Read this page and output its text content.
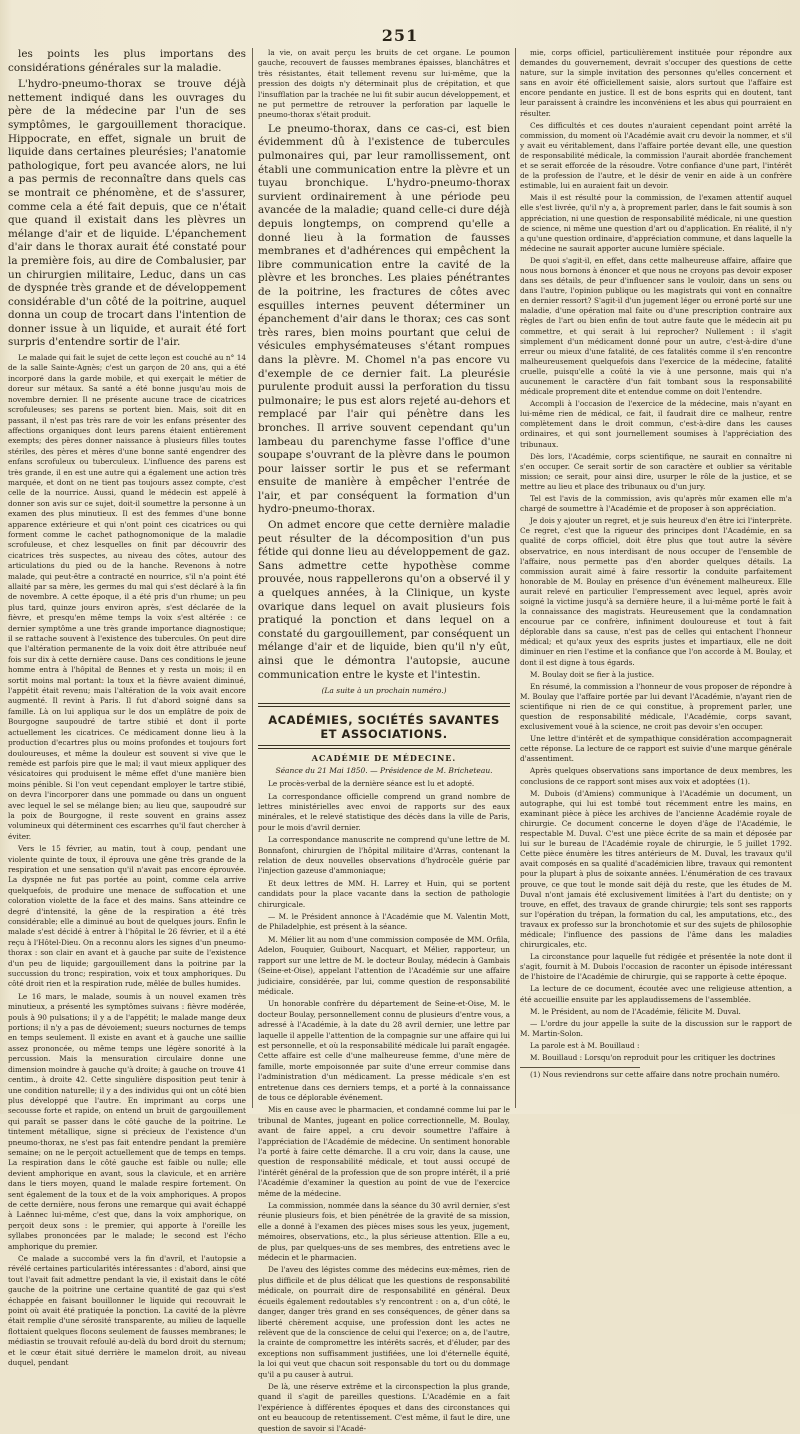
251

les points les plus importans des considérations générales sur la maladie.

L'hydro-pneumo-thorax se trouve déjà nettement indiqué dans les ouvrages du père de la médecine par l'un de ses symptômes, le gargouillement thoracique. Hippocrate, en effet, signale un bruit de liquide dans certaines pleurésies; l'anatomie pathologique, fort peu avancée alors, ne lui a pas permis de reconnaître dans quels cas se montrait ce phénomène, et de s'assurer, comme cela a été fait depuis, que ce n'était que quand il existait dans les plèvres un mélange d'air et de liquide. L'épanchement d'air dans le thorax aurait été constaté pour la première fois, au dire de Combalusier, par un chirurgien militaire, Leduc, dans un cas de dyspnée très grande et de développement considérable d'un côté de la poitrine, auquel donna un coup de trocart dans l'intention de donner issue à un liquide, et aurait été fort surpris d'entendre sortir de l'air.

Le malade qui fait le sujet de cette leçon est couché au n° 14 de la salle Sainte-Agnès; c'est un garçon de 20 ans, qui a été incorporé dans la garde mobile, et qui exerçait le métier de doreur sur métaux. Sa santé a été bonne jusqu'au mois de novembre dernier. Il ne présente aucune trace de cicatrices scrofuleuses; ses parens se portent bien. Mais, soit dit en passant, il n'est pas très rare de voir les enfans présenter des affections organiques dont leurs parens étaient entièrement exempts; des pères donner naissance à plusieurs filles toutes stériles, des pères et mères d'une bonne santé engendrer des enfans scrofuleux ou tuberculeux. L'influence des parens est très grande, il en est une autre qui a également une action très marquée, et dont on ne tient pas toujours assez compte, c'est celle de la nourrice. Aussi, quand le médecin est appelé à donner son avis sur ce sujet, doit-il soumettre la personne à un examen des plus minutieux. Il est des femmes d'une bonne apparence extérieure et qui n'ont point ces cicatrices ou qui forment comme le cachet pathognomonique de la maladie scrofuleuse, et chez lesquelles on finit par découvrir des cicatrices très suspectes, au niveau des côtes, autour des articulations du pied ou de la hanche. Revenons à notre malade, qui peut-être a contracté en nourrice, s'il n'a point été allaité par sa mère, les germes du mal qui s'est déclaré à la fin de novembre. A cette époque, il a été pris d'un rhume; un peu plus tard, quinze jours environ après, s'est déclarée de la fièvre, et presqu'en même temps la voix s'est altérée : ce dernier symptôme a une très grande importance diagnostique; il se rattache souvent à l'existence des tubercules. On peut dire que l'altération permanente de la voix doit être attribuée neuf fois sur dix à cette dernière cause. Dans ces conditions le jeune homme entra à l'hôpital de Bennes et y resta un mois; il en sortit moins mal portant: la toux et la fièvre avaient diminué, l'appétit était revenu; mais l'altération de la voix avait encore augmenté. Il revint à Paris. Il fut d'abord soigné dans sa famille. Là on lui appliqua sur le dos un emplâtre de poix de Bourgogne saupoudré de tartre stibié et dont il porte actuellement les cicatrices. Ce médicament donne lieu à la production d'ecartres plus ou moins profondes et toujours fort douloureuses, et même la douleur est souvent si vive que le remède est parfois pire que le mal; il vaut mieux appliquer des vésicatoires qui produisent le même effet d'une manière bien moins pénible. Si l'on veut cependant employer le tartre stibié, on devra l'incorporer dans une pommade ou dans un onguent avec lequel le sel se mélange bien; au lieu que, saupoudré sur la poix de Bourgogne, il reste souvent en grains assez volumineux qui déterminent ces escarrhes qu'il faut chercher à éviter.

Vers le 15 février, au matin, tout à coup, pendant une violente quinte de toux, il éprouva une gêne très grande de la respiration et une sensation qu'il n'avait pas encore éprouvée. La dyspnée ne fut pas portée au point, comme cela arrive quelquefois, de produire une menace de suffocation et une coloration violette de la face et des mains. Sans atteindre ce degré d'intensité, la gêne de la respiration a été très considérable; elle a diminué au bout de quelques jours. Enfin le malade s'est décidé à entrer à l'hôpital le 26 février, et il a été reçu à l'Hôtel-Dieu. On a reconnu alors les signes d'un pneumo-thorax : son clair en avant et à gauche par suite de l'existence d'un peu de liquide; gargouillement dans la poitrine par la succussion du tronc; respiration, voix et toux amphoriques. Du côté droit rien et la respiration rude, mêlée de bulles humides.

Le 16 mars, le malade, soumis à un nouvel examen très minutieux, a présenté les symptômes suivans : fièvre modérée, pouls à 90 pulsations; il y a de l'appétit; le malade mange deux portions; il n'y a pas de dévoiement; sueurs nocturnes de temps en temps seulement. Il existe en avant et à gauche une saillie assez prononcée, ou même temps une légère sonorité à la percussion. Mais la mensuration circulaire donne une dimension moindre à gauche qu'à droite; à gauche on trouve 41 centim., à droite 42. Cette singulière disposition peut tenir à une condition naturelle; il y a des individus qui ont un côté bien plus développé que l'autre. En imprimant au corps une secousse forte et rapide, on entend un bruit de gargouillement qui paraît se passer dans le côté gauche de la poitrine. Le tintement métallique, signe si précieux de l'existence d'un pneumo-thorax, ne s'est pas fait entendre pendant la première semaine; on ne le perçoit actuellement que de temps en temps. La respiration dans le côté gauche est faible ou nulle; elle devient amphorique en avant, sous la clavicule, et en arrière dans le tiers moyen, quand le malade respire fortement. On sent également de la toux et de la voix amphoriques. A propos de cette dernière, nous ferons une remarque qui avait échappé à Laënnec lui-même, c'est que, dans la voix amphorique, on perçoit deux sons : le premier, qui apporte à l'oreille les syllabes prononcées par le malade; le second est l'écho amphorique du premier.

Ce malade a succombé vers la fin d'avril, et l'autopsie a révélé certaines particularités intéressantes : d'abord, ainsi que tout l'avait fait admettre pendant la vie, il existait dans le côté gauche de la poitrine une certaine quantité de gaz qui s'est échappée en faisant bouillonner le liquide qui recouvrait le point où avait été pratiquée la ponction. La cavité de la plèvre était remplie d'une sérosité transparente, au milieu de laquelle flottaient quelques flocons seulement de fausses membranes; le médiastin se trouvait refoulé au-delà du bord droit du sternum; et le cœur était situé derrière le mamelon droit, au niveau duquel, pendant

la vie, on avait perçu les bruits de cet organe. Le poumon gauche, recouvert de fausses membranes épaisses, blanchâtres et très résistantes, était tellement revenu sur lui-même, que la pression des doigts n'y déterminait plus de crépitation, et que l'insufflation par la trachée ne lui fit subir aucun développement, et ne put permettre de retrouver la perforation par laquelle le pneumo-thorax s'était produit.

Le pneumo-thorax, dans ce cas-ci, est bien évidemment dû à l'existence de tubercules pulmonaires qui, par leur ramollissement, ont établi une communication entre la plèvre et un tuyau bronchique. L'hydro-pneumo-thorax survient ordinairement à une période peu avancée de la maladie; quand celle-ci dure déjà depuis longtemps, on comprend qu'elle a donné lieu à la formation de fausses membranes et d'adhérences qui empêchent la libre communication entre la cavité de la plèvre et les bronches. Les plaies pénétrantes de la poitrine, les fractures de côtes avec esquilles internes peuvent déterminer un épanchement d'air dans le thorax; ces cas sont très rares, bien moins pourtant que celui de vésicules emphysémateuses s'étant rompues dans la plèvre. M. Chomel n'a pas encore vu d'exemple de ce dernier fait. La pleurésie purulente produit aussi la perforation du tissu pulmonaire; le pus est alors rejeté au-dehors et remplacé par l'air qui pénètre dans les bronches. Il arrive souvent cependant qu'un lambeau du parenchyme fasse l'office d'une soupape s'ouvrant de la plèvre dans le poumon pour laisser sortir le pus et se refermant ensuite de manière à empêcher l'entrée de l'air, et par conséquent la formation d'un hydro-pneumo-thorax.

On admet encore que cette dernière maladie peut résulter de la décomposition d'un pus fétide qui donne lieu au développement de gaz. Sans admettre cette hypothèse comme prouvée, nous rappellerons qu'on a observé il y a quelques années, à la Clinique, un kyste ovarique dans lequel on avait plusieurs fois pratiqué la ponction et dans lequel on a constaté du gargouillement, par conséquent un mélange d'air et de liquide, bien qu'il n'y eût, ainsi que le démontra l'autopsie, aucune communication entre le kyste et l'intestin.

(La suite à un prochain numéro.)

ACADÉMIES, SOCIÉTÉS SAVANTES ET ASSOCIATIONS.
ACADÉMIE DE MÉDECINE.
Séance du 21 Mai 1850. — Présidence de M. Bricheteau.

Le procès-verbal de la dernière séance est lu et adopté.

La correspondance officielle comprend un grand nombre de lettres ministérielles avec envoi de rapports sur des eaux minérales, et le relevé statistique des décès dans la ville de Paris, pour le mois d'avril dernier.

La correspondance manuscrite ne comprend qu'une lettre de M. Bonnafont, chirurgien de l'hôpital militaire d'Arras, contenant la relation de deux nouvelles observations d'hydrocèle guérie par l'injection gazeuse d'ammoniaque;

Et deux lettres de MM. H. Larrey et Huin, qui se portent candidats pour la place vacante dans la section de pathologie chirurgicale.

— M. le Président annonce à l'Académie que M. Valentin Mott, de Philadelphie, est présent à la séance.

M. Mélier lit au nom d'une commission composée de MM. Orfila, Adelon, Fouquier, Guibourt, Nacquart, et Mélier, rapporteur, un rapport sur une lettre de M. le docteur Boulay, médecin à Gambais (Seine-et-Oise), appelant l'attention de l'Académie sur une affaire judiciaire, considérée, par lui, comme question de responsabilité médicale.

Un honorable confrère du département de Seine-et-Oise, M. le docteur Boulay, personnellement connu de plusieurs d'entre vous, a adressé à l'Académie, à la date du 28 avril dernier, une lettre par laquelle il appelle l'attention de la compagnie sur une affaire qui lui est personnelle, et où la responsabilité médicale lui paraît engagée. Cette affaire est celle d'une malheureuse femme, d'une mère de famille, morte empoisonnée par suite d'une erreur commise dans l'administration d'un médicament. La presse médicale s'en est entretenue dans ces derniers temps, et a porté à la connaissance de tous ce déplorable événement.

Mis en cause avec le pharmacien, et condamné comme lui par le tribunal de Mantes, jugeant en police correctionnelle, M. Boulay, avant de faire appel, a cru devoir soumettre l'affaire à l'appréciation de l'Académie de médecine. Un sentiment honorable l'a porté à faire cette démarche. Il a cru voir, dans la cause, une question de responsabilité médicale, et tout aussi occupé de l'intérêt général de la profession que de son propre intérêt, il a prié l'Académie d'examiner la question au point de vue de l'exercice même de la médecine.

La commission, nommée dans la séance du 30 avril dernier, s'est réunie plusieurs fois, et bien pénétrée de la gravité de sa mission, elle a donné à l'examen des pièces mises sous les yeux, jugement, mémoires, observations, etc., la plus sérieuse attention. Elle a eu, de plus, par quelques-uns de ses membres, des entretiens avec le médecin et le pharmacien.

De l'aveu des légistes comme des médecins eux-mêmes, rien de plus difficile et de plus délicat que les questions de responsabilité médicale, on pourrait dire de responsabilité en général. Deux écueils également redoutables s'y rencontrent : on a, d'un côté, le danger, danger très grand en ses conséquences, de gêner dans sa liberté chèrement acquise, une profession dont les actes ne relèvent que de la conscience de celui qui l'exerce; on a, de l'autre, la crainte de compromettre les intérêts sacrés, et d'éluder, par des exceptions non suffisamment justifiées, une loi d'éternelle équité, la loi qui veut que chacun soit responsable du tort ou du dommage qu'il a pu causer à autrui.

De là, une réserve extrême et la circonspection la plus grande, quand il s'agit de pareilles questions. L'Académie en a fait l'expérience à différentes époques et dans des circonstances qui ont eu beaucoup de retentissement. C'est même, il faut le dire, une question de savoir si l'Acadé-

mie, corps officiel, particulièrement instituée pour répondre aux demandes du gouvernement, devrait s'occuper des questions de cette nature, sur la simple invitation des personnes qu'elles concernent et sans en avoir été officiellement saisie, alors surtout que l'affaire est encore pendante en justice. Il est de bons esprits qui en doutent, tant leur paraissent à craindre les inconvéniens et les abus qui pourraient en résulter.

Ces difficultés et ces doutes n'auraient cependant point arrêté la commission, du moment où l'Académie avait cru devoir la nommer, et s'il y avait eu véritablement, dans l'affaire portée devant elle, une question de responsabilité médicale, la commission l'aurait abordée franchement et se serait efforcée de la résoudre. Votre confiance d'une part, l'intérêt de la profession de l'autre, et le désir de venir en aide à un confrère estimable, lui en auraient fait un devoir.

Mais il est résulté pour la commission, de l'examen attentif auquel elle s'est livrée, qu'il n'y a, à proprement parler, dans le fait soumis à son appréciation, ni une question de responsabilité médicale, ni une question de science, ni même une question d'art ou d'application. En réalité, il n'y a qu'une question ordinaire, d'appréciation commune, et dans laquelle la médecine ne saurait apporter aucune lumière spéciale.

De quoi s'agit-il, en effet, dans cette malheureuse affaire, affaire que nous nous bornons à énoncer et que nous ne croyons pas devoir exposer dans ses détails, de peur d'influencer sans le vouloir, dans un sens ou dans l'autre, l'opinion publique ou les magistrats qui vont en connaître en dernier ressort? S'agit-il d'un jugement léger ou erroné porté sur une maladie, d'une opération mal faite ou d'une prescription contraire aux règles de l'art ou bien enfin de tout autre faute que le médecin ait pu commettre, et qui serait à lui reprocher? Nullement : il s'agit simplement d'un médicament donné pour un autre, c'est-à-dire d'une erreur ou mieux d'une fatalité, de ces fatalités comme il s'en rencontre malheureusement quelquefois dans l'exercice de la médecine, fatalité cruelle, puisqu'elle a coûté la vie à une personne, mais qui n'a aucunement le caractère d'un fait tombant sous la responsabilité médicale proprement dite et entendue comme on doit l'entendre.

Accompli à l'occasion de l'exercice de la médecine, mais n'ayant en lui-même rien de médical, ce fait, il faudrait dire ce malheur, rentre complètement dans le droit commun, c'est-à-dire dans les causes ordinaires, et qui sont journellement soumises à l'appréciation des tribunaux.

Dès lors, l'Académie, corps scientifique, ne saurait en connaître ni s'en occuper. Ce serait sortir de son caractère et oublier sa véritable mission; ce serait, pour ainsi dire, usurper le rôle de la justice, et se mettre au lieu et place des tribunaux ou d'un jury.

Tel est l'avis de la commission, avis qu'après mûr examen elle m'a chargé de soumettre à l'Académie et de proposer à son appréciation.

Je dois y ajouter un regret, et je suis heureux d'en être ici l'interprète. Ce regret, c'est que la rigueur des principes dont l'Académie, en sa qualité de corps officiel, doit être plus que tout autre la sévère observatrice, en nous interdisant de nous occuper de l'ensemble de l'affaire, nous permette pas d'en aborder quelques détails. La commission aurait aimé à faire ressortir la conduite parfaitement honorable de M. Boulay en présence d'un événement malheureux. Elle aurait relevé en particulier l'empressement avec lequel, après avoir soigné la victime jusqu'à sa dernière heure, il a lui-même porté le fait à la connaissance des magistrats. Heureusement que la condamnation encourue par ce confrère, infiniment douloureuse et tout à fait déplorable dans sa cause, n'est pas de celles qui entachent l'honneur médical; et qu'aux yeux des esprits justes et impartiaux, elle ne doit diminuer en rien l'estime et la confiance que l'on accorde à M. Boulay, et dont il est digne à tous égards.

M. Boulay doit se fier à la justice.

En résumé, la commission a l'honneur de vous proposer de répondre à M. Boulay que l'affaire portée par lui devant l'Académie, n'ayant rien de scientifique ni rien de ce qui constitue, à proprement parler, une question de responsabilité médicale, l'Académie, corps savant, exclusivement voué à la science, ne croit pas devoir s'en occuper.

Une lettre d'intérêt et de sympathique considération accompagnerait cette réponse. La lecture de ce rapport est suivie d'une marque générale d'assentiment.

Après quelques observations sans importance de deux membres, les conclusions de ce rapport sont mises aux voix et adoptées (1).

M. Dubois (d'Amiens) communique à l'Académie un document, un autographe, qui lui est tombé tout récemment entre les mains, en examinant pièce à pièce les archives de l'ancienne Académie royale de chirurgie. Ce document concerne le doyen d'âge de l'Académie, le respectable M. Duval. C'est une pièce écrite de sa main et déposée par lui sur le bureau de l'Académie royale de chirurgie, le 5 juillet 1792. Cette pièce énumère les titres antérieurs de M. Duval, les travaux qu'il avait composés en sa qualité d'académicien libre, travaux qui remontent pour la plupart à plus de soixante années. L'énumération de ces travaux prouve, ce que tout le monde sait déjà du reste, que les études de M. Duval n'ont jamais été exclusivement limitées à l'art du dentiste; on y trouve, en effet, des travaux de grande chirurgie; tels sont ses rapports sur l'opération du trépan, la formation du cal, les amputations, etc., des travaux ex professo sur la bronchotomie et sur des sujets de philosophie médicale; l'influence des passions de l'âme dans les maladies chirurgicales, etc.

La circonstance pour laquelle fut rédigée et présentée la note dont il s'agit, fournit à M. Dubois l'occasion de raconter un épisode intéressant de l'histoire de l'Académie de chirurgie, qui se rapporte à cette époque.

La lecture de ce document, écoutée avec une religieuse attention, a été accueillie ensuite par les applaudissemens de l'assemblée.

M. le Président, au nom de l'Académie, félicite M. Duval.

— L'ordre du jour appelle la suite de la discussion sur le rapport de M. Martin-Solon.

La parole est à M. Bouillaud :

M. Bouillaud : Lorsqu'on reproduit pour les critiquer les doctrines

(1) Nous reviendrons sur cette affaire dans notre prochain numéro.
